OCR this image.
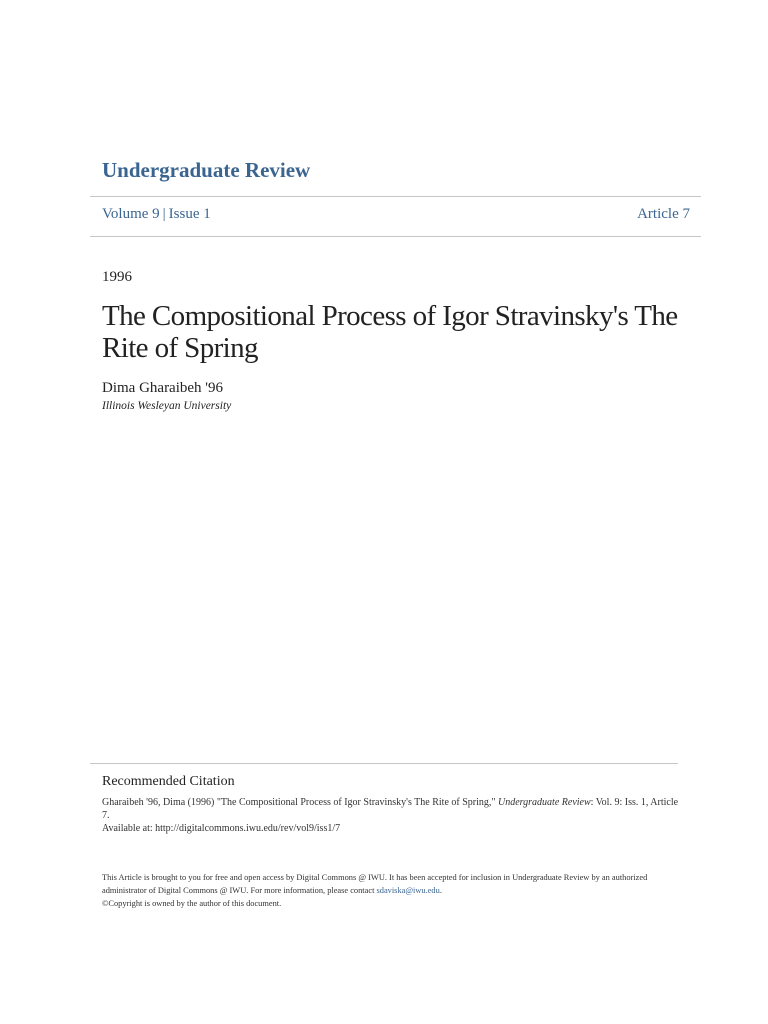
Undergraduate Review
Volume 9 | Issue 1	Article 7
1996
The Compositional Process of Igor Stravinsky's The Rite of Spring
Dima Gharaibeh '96
Illinois Wesleyan University
Recommended Citation
Gharaibeh '96, Dima (1996) "The Compositional Process of Igor Stravinsky's The Rite of Spring," Undergraduate Review: Vol. 9: Iss. 1, Article 7.
Available at: http://digitalcommons.iwu.edu/rev/vol9/iss1/7
This Article is brought to you for free and open access by Digital Commons @ IWU. It has been accepted for inclusion in Undergraduate Review by an authorized administrator of Digital Commons @ IWU. For more information, please contact sdaviska@iwu.edu.
©Copyright is owned by the author of this document.
